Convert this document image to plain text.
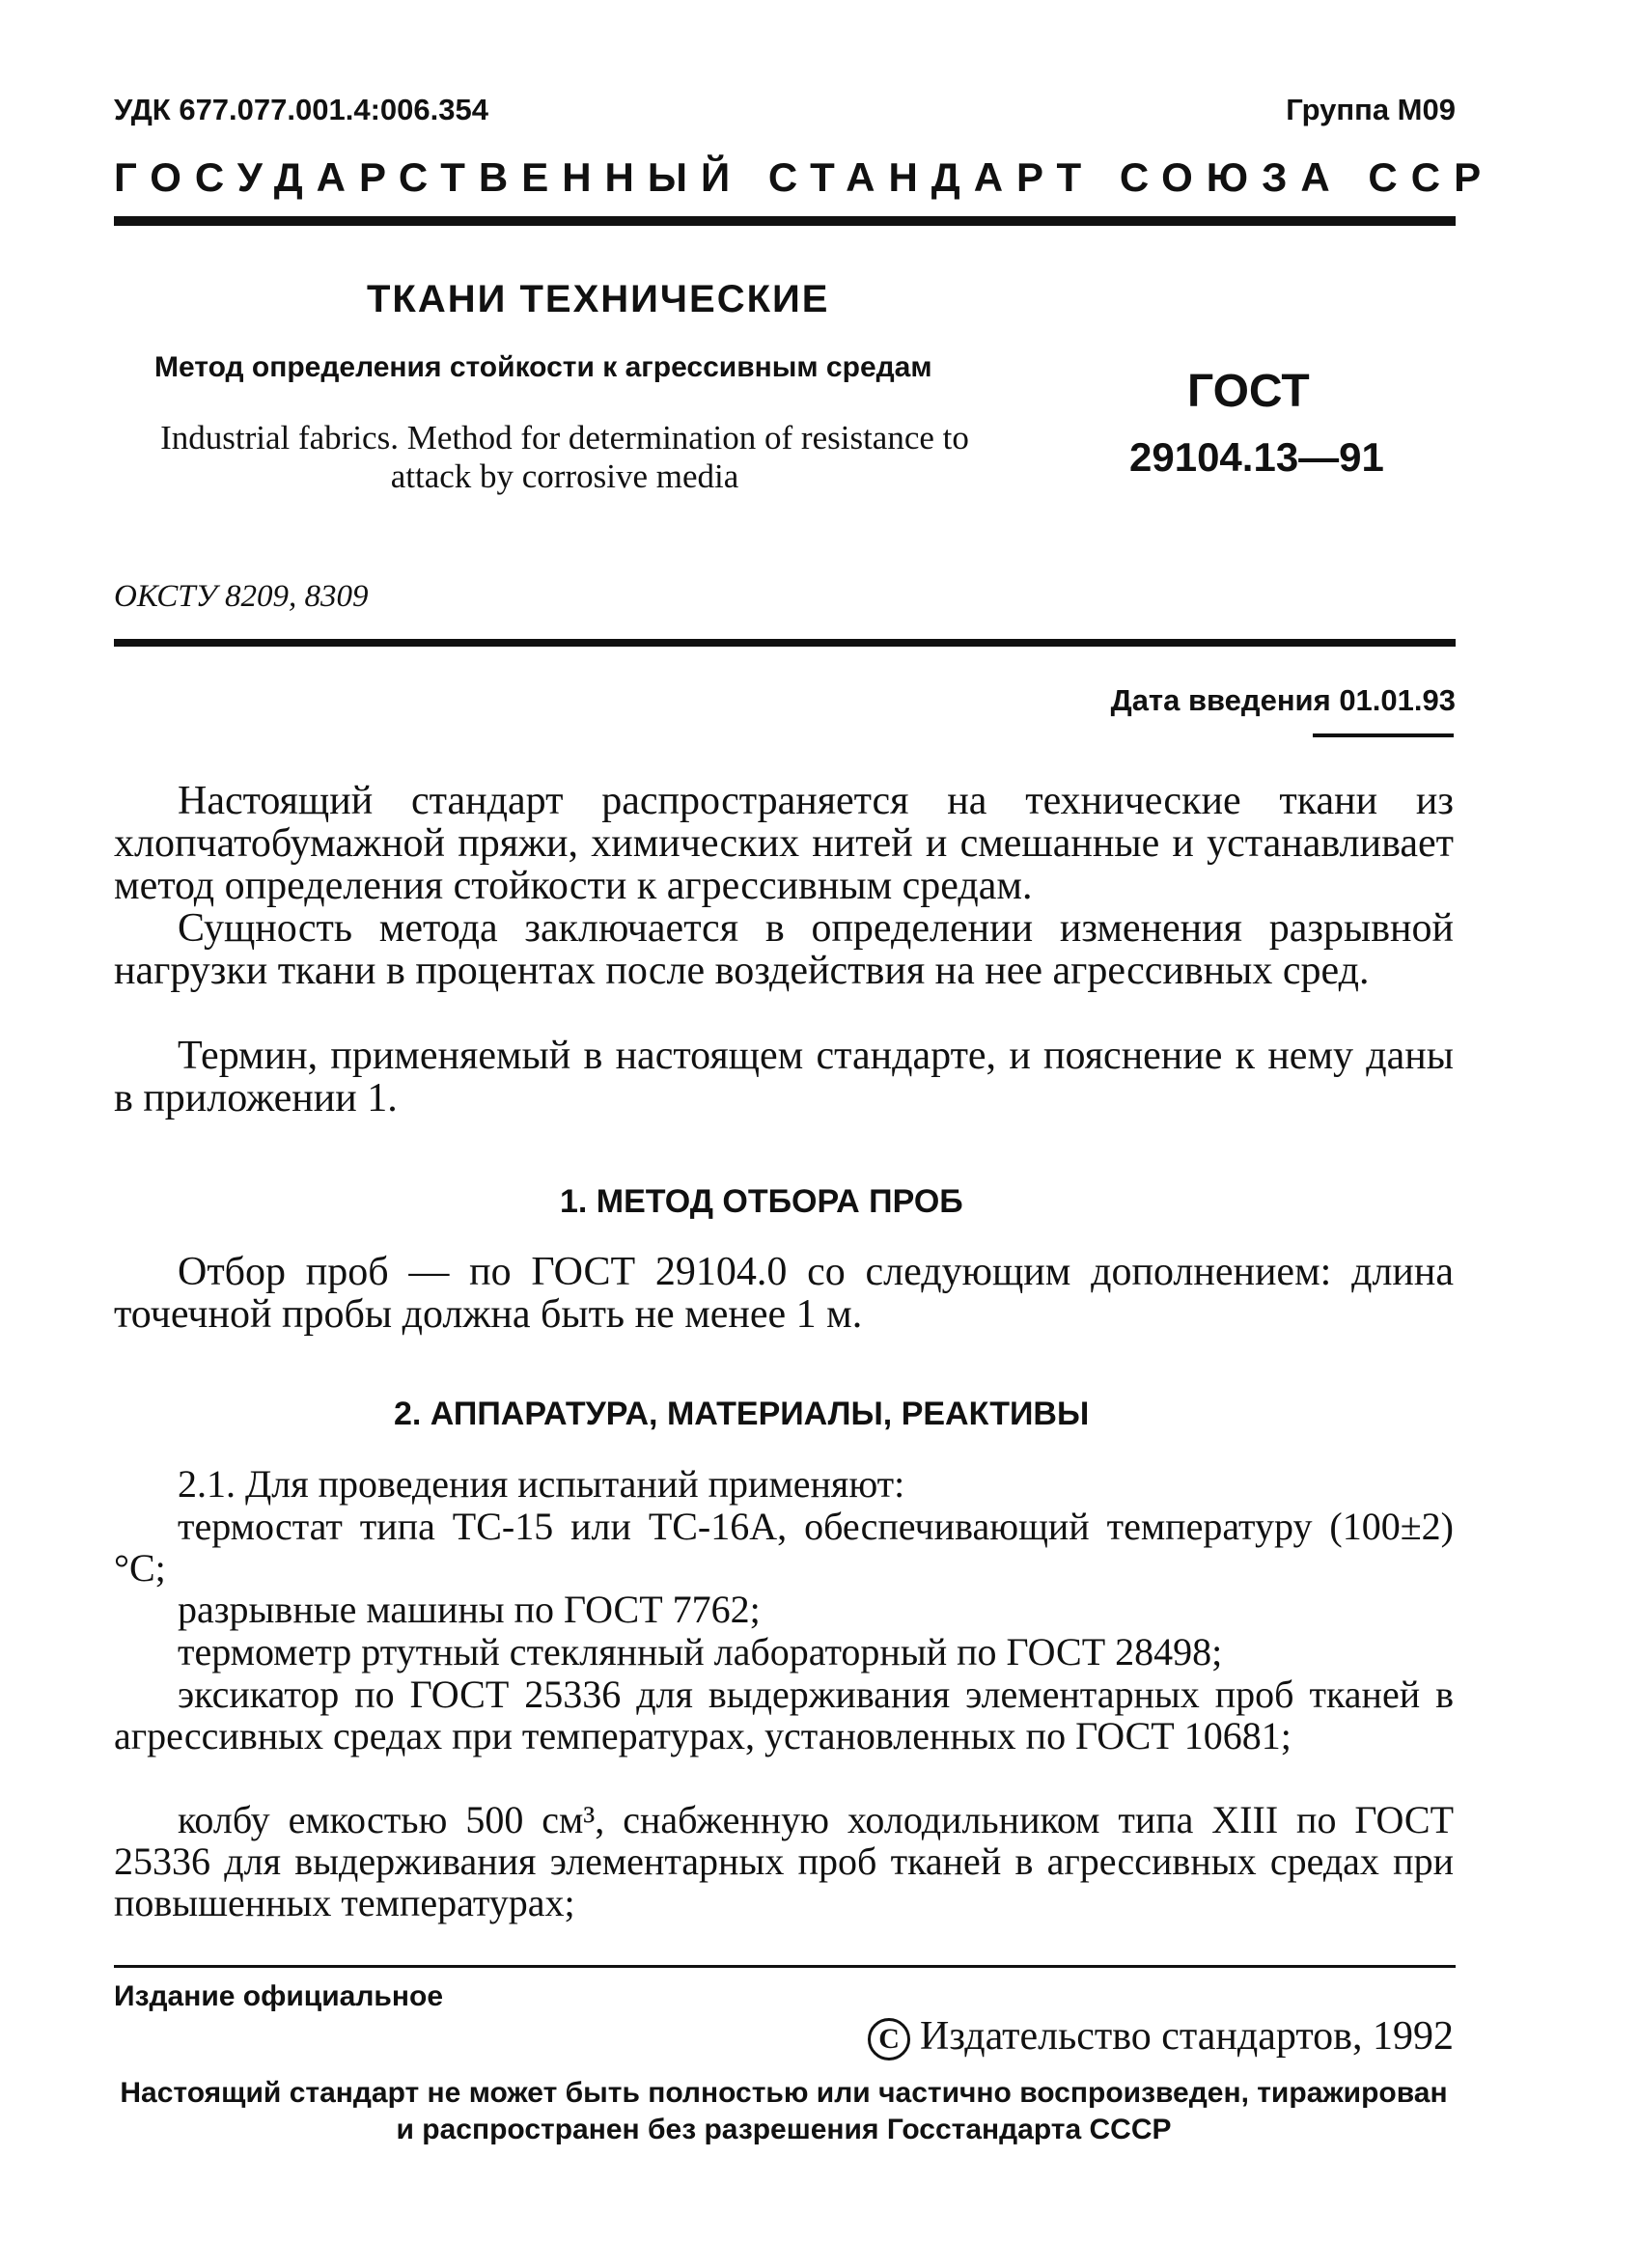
УДК 677.077.001.4:006.354	Группа М09
ГОСУДАРСТВЕННЫЙ СТАНДАРТ СОЮЗА ССР
ТКАНИ ТЕХНИЧЕСКИЕ
Метод определения стойкости к агрессивным средам
Industrial fabrics. Method for determination of resistance to attack by corrosive media
ГОСТ
29104.13—91
ОКСТУ 8209, 8309
Дата введения 01.01.93
Настоящий стандарт распространяется на технические ткани из хлопчатобумажной пряжи, химических нитей и смешанные и устанавливает метод определения стойкости к агрессивным средам.
Сущность метода заключается в определении изменения разрывной нагрузки ткани в процентах после воздействия на нее агрессивных сред.
Термин, применяемый в настоящем стандарте, и пояснение к нему даны в приложении 1.
1. МЕТОД ОТБОРА ПРОБ
Отбор проб — по ГОСТ 29104.0 со следующим дополнением: длина точечной пробы должна быть не менее 1 м.
2. АППАРАТУРА, МАТЕРИАЛЫ, РЕАКТИВЫ
2.1. Для проведения испытаний применяют:
термостат типа ТС-15 или ТС-16А, обеспечивающий температуру (100±2) °С;
разрывные машины по ГОСТ 7762;
термометр ртутный стеклянный лабораторный по ГОСТ 28498;
эксикатор по ГОСТ 25336 для выдерживания элементарных проб тканей в агрессивных средах при температурах, установленных по ГОСТ 10681;
колбу емкостью 500 см³, снабженную холодильником типа XIII по ГОСТ 25336 для выдерживания элементарных проб тканей в агрессивных средах при повышенных температурах;
Издание официальное
С Издательство стандартов, 1992
Настоящий стандарт не может быть полностью или частично воспроизведен, тиражирован и распространен без разрешения Госстандарта СССР
